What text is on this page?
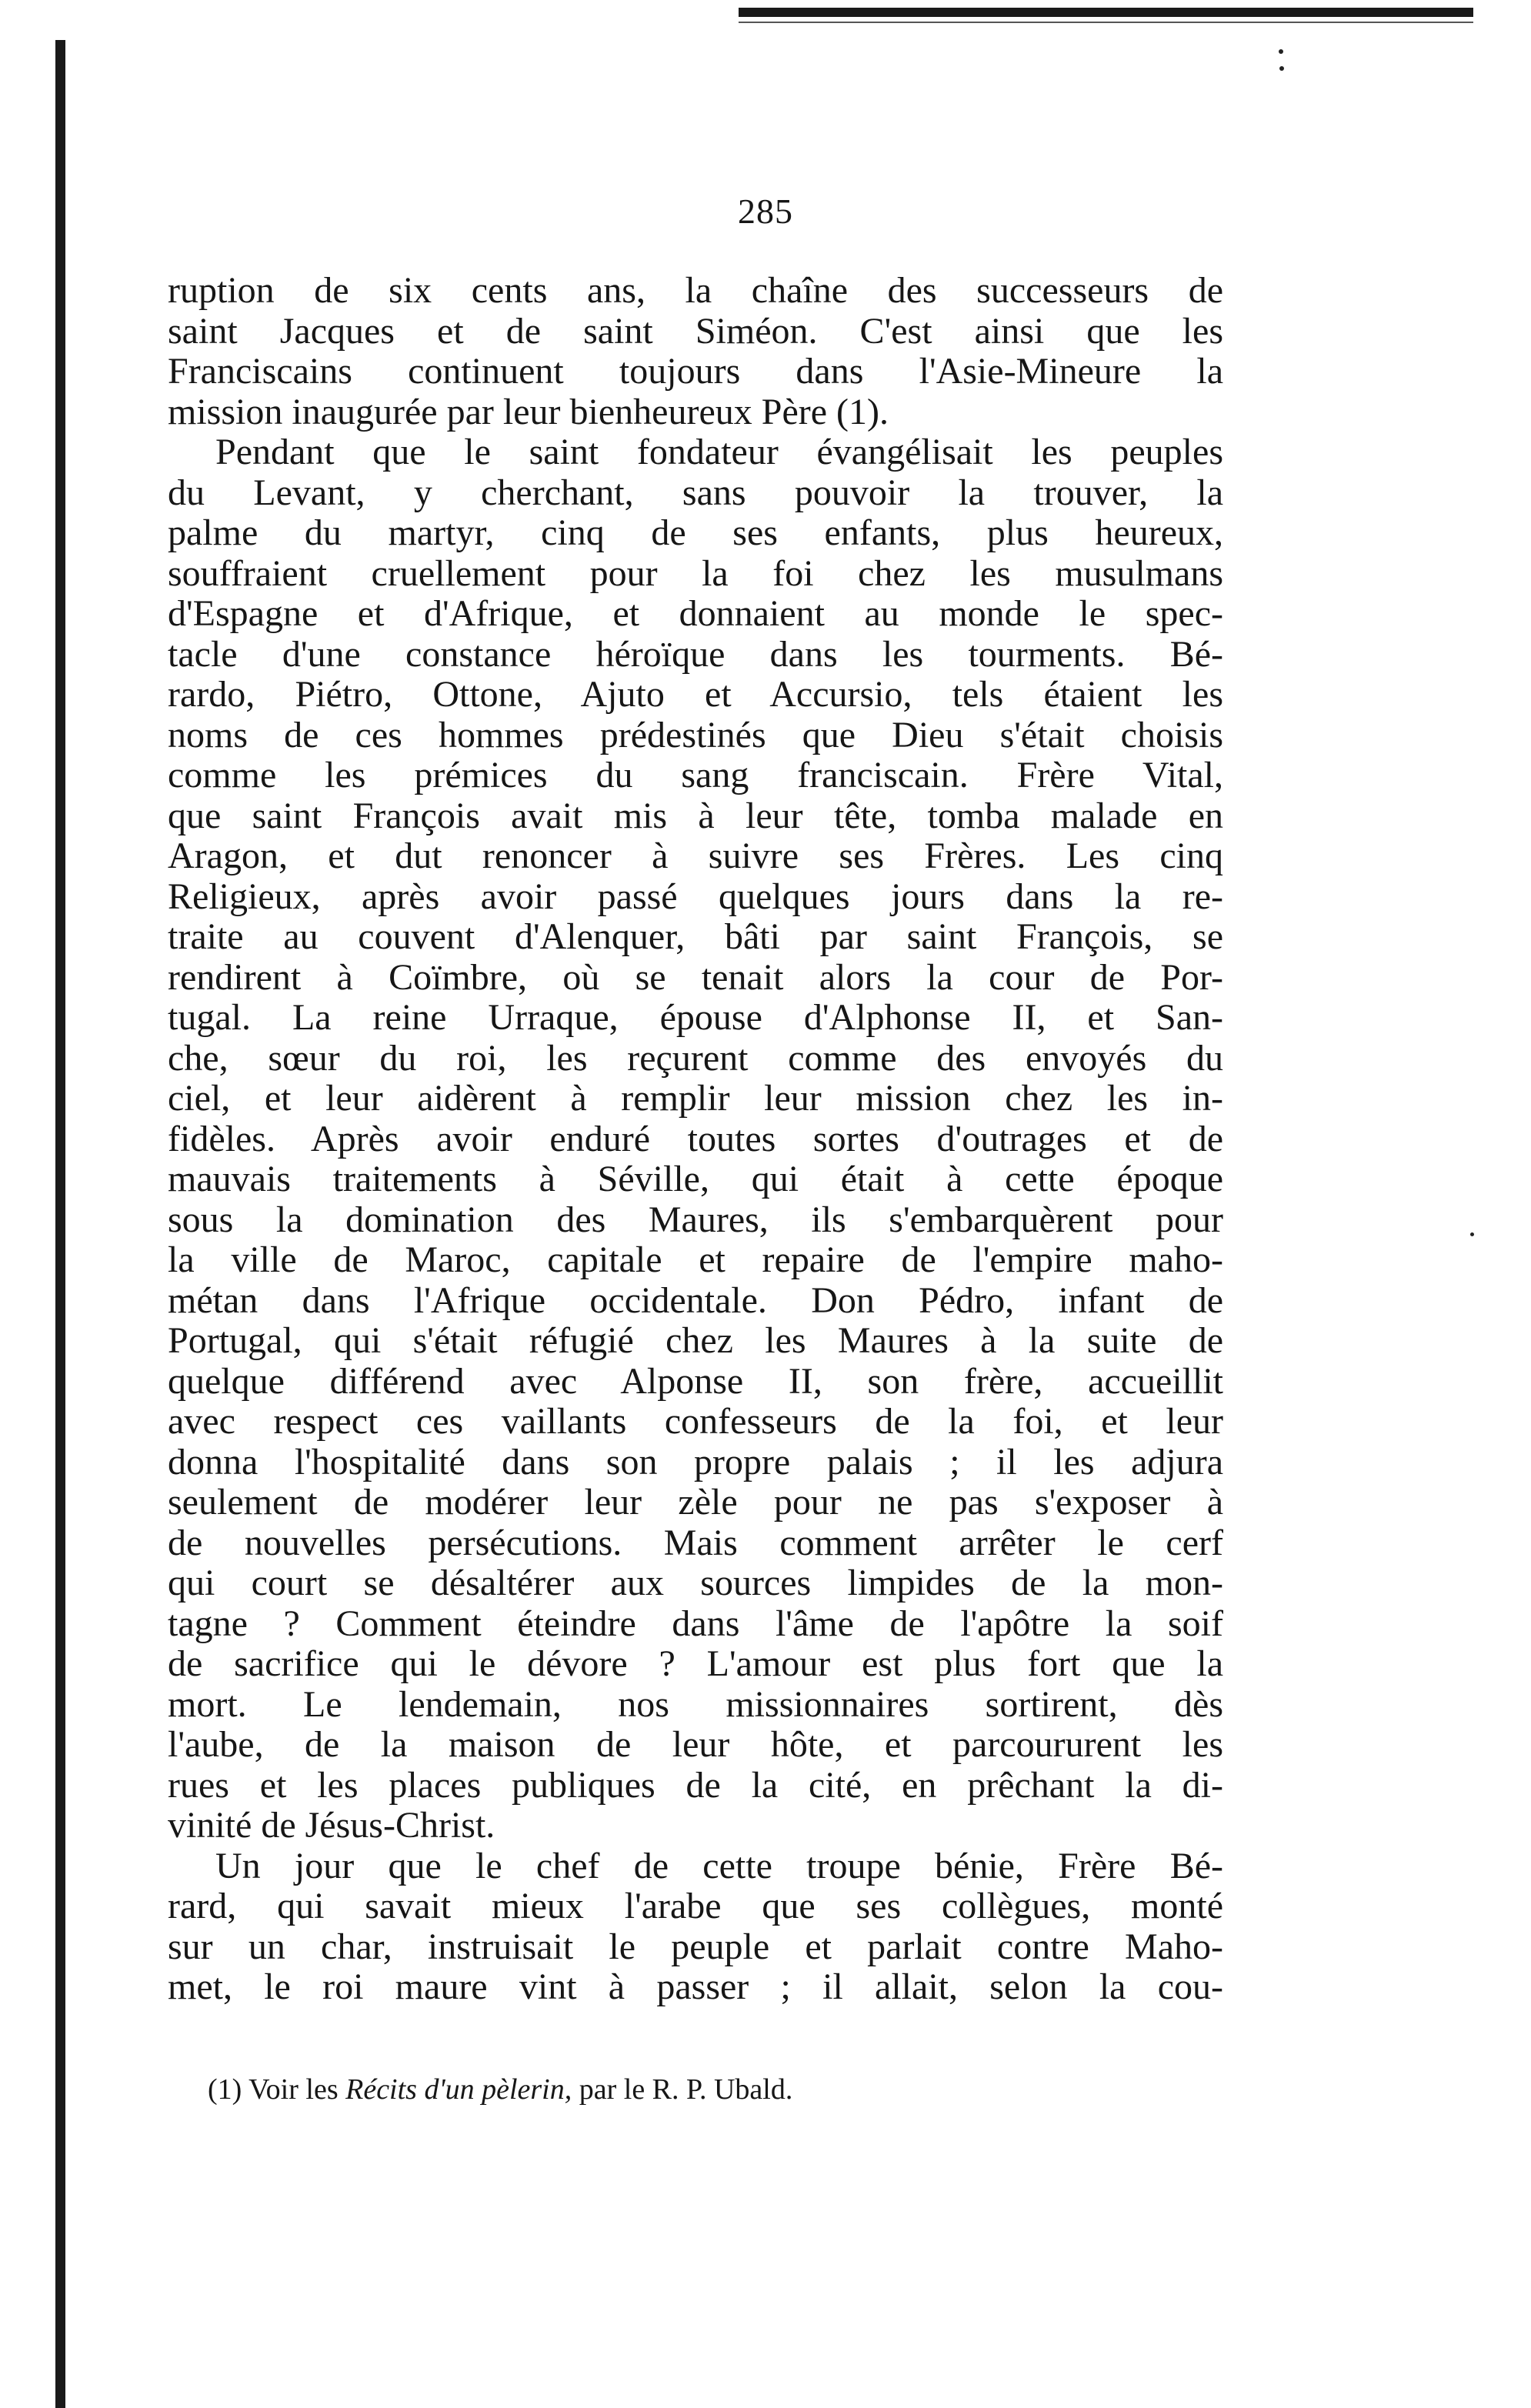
285
ruption de six cents ans, la chaîne des successeurs de
saint Jacques et de saint Siméon. C'est ainsi que les
Franciscains continuent toujours dans l'Asie-Mineure la
mission inaugurée par leur bienheureux Père (1).
Pendant que le saint fondateur évangélisait les peuples
du Levant, y cherchant, sans pouvoir la trouver, la
palme du martyr, cinq de ses enfants, plus heureux,
souffraient cruellement pour la foi chez les musulmans
d'Espagne et d'Afrique, et donnaient au monde le spec-
tacle d'une constance héroïque dans les tourments. Bé-
rardo, Piétro, Ottone, Ajuto et Accursio, tels étaient les
noms de ces hommes prédestinés que Dieu s'était choisis
comme les prémices du sang franciscain. Frère Vital,
que saint François avait mis à leur tête, tomba malade en
Aragon, et dut renoncer à suivre ses Frères. Les cinq
Religieux, après avoir passé quelques jours dans la re-
traite au couvent d'Alenquer, bâti par saint François, se
rendirent à Coïmbre, où se tenait alors la cour de Por-
tugal. La reine Urraque, épouse d'Alphonse II, et San-
che, sœur du roi, les reçurent comme des envoyés du
ciel, et leur aidèrent à remplir leur mission chez les in-
fidèles. Après avoir enduré toutes sortes d'outrages et de
mauvais traitements à Séville, qui était à cette époque
sous la domination des Maures, ils s'embarquèrent pour
la ville de Maroc, capitale et repaire de l'empire maho-
métan dans l'Afrique occidentale. Don Pédro, infant de
Portugal, qui s'était réfugié chez les Maures à la suite de
quelque différend avec Alponse II, son frère, accueillit
avec respect ces vaillants confesseurs de la foi, et leur
donna l'hospitalité dans son propre palais ; il les adjura
seulement de modérer leur zèle pour ne pas s'exposer à
de nouvelles persécutions. Mais comment arrêter le cerf
qui court se désaltérer aux sources limpides de la mon-
tagne ? Comment éteindre dans l'âme de l'apôtre la soif
de sacrifice qui le dévore ? L'amour est plus fort que la
mort. Le lendemain, nos missionnaires sortirent, dès
l'aube, de la maison de leur hôte, et parcoururent les
rues et les places publiques de la cité, en prêchant la di-
vinité de Jésus-Christ.
Un jour que le chef de cette troupe bénie, Frère Bé-
rard, qui savait mieux l'arabe que ses collègues, monté
sur un char, instruisait le peuple et parlait contre Maho-
met, le roi maure vint à passer ; il allait, selon la cou-
(1) Voir les Récits d'un pèlerin, par le R. P. Ubald.
